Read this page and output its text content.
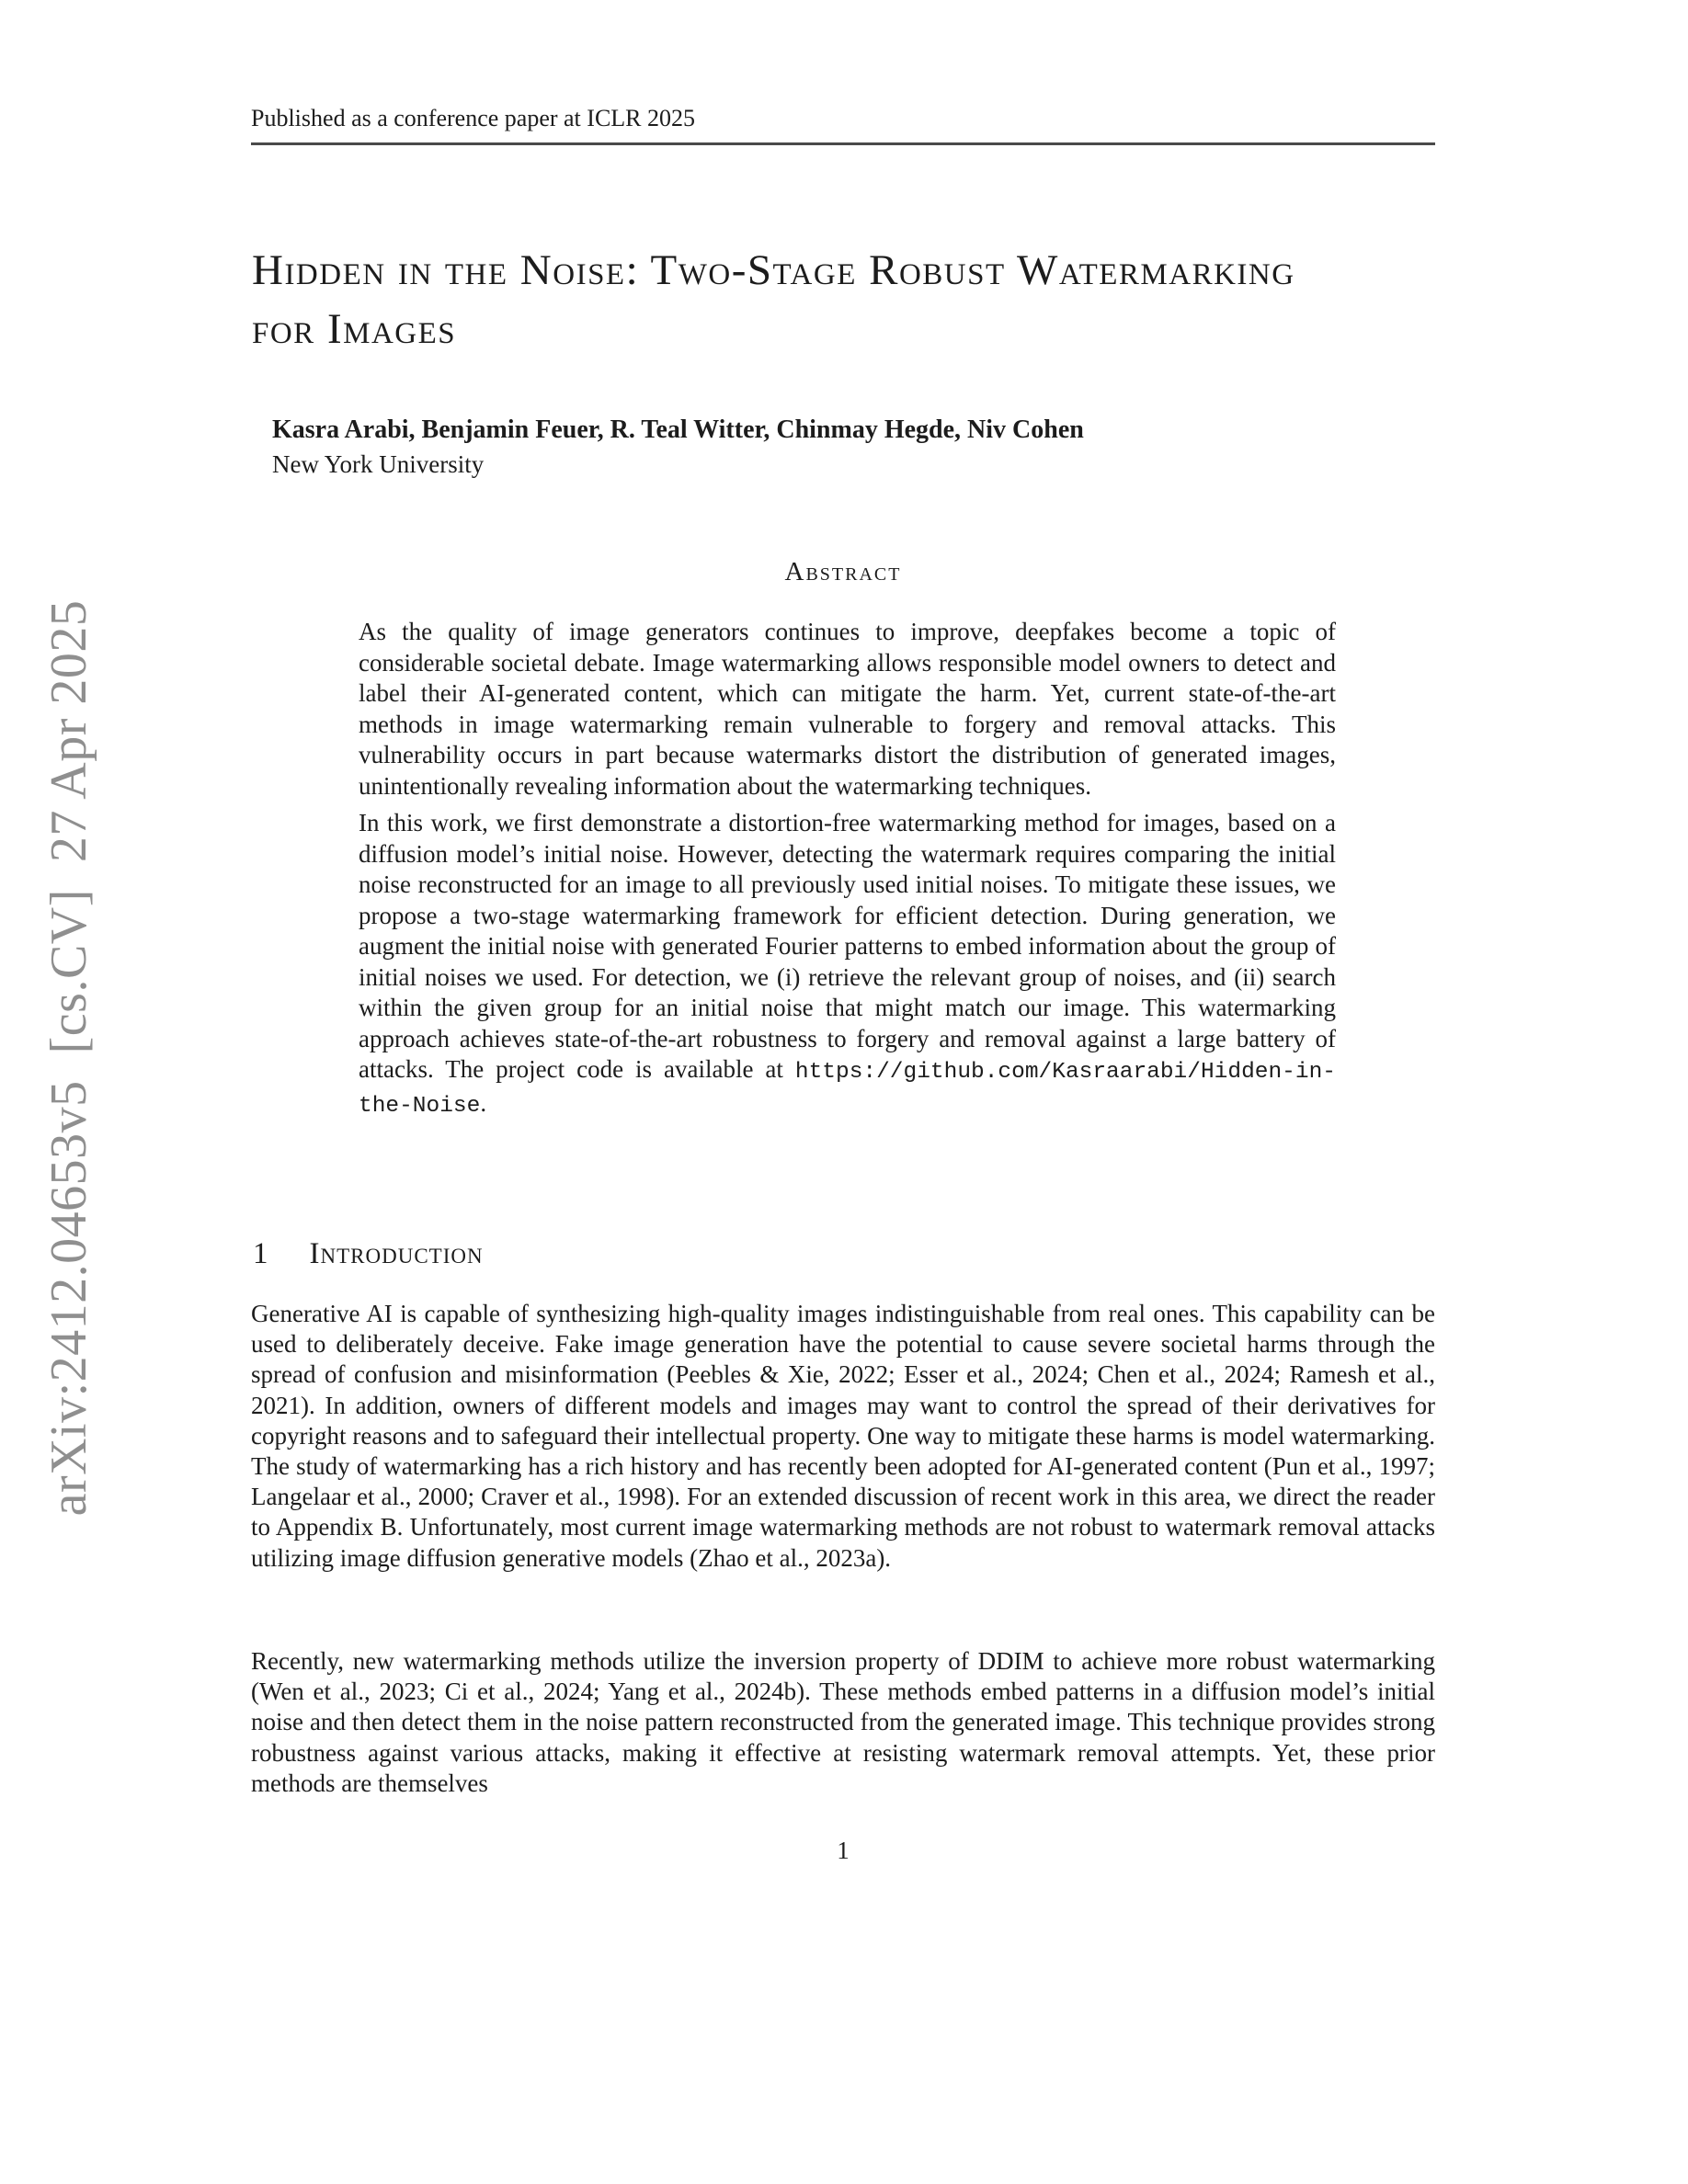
arXiv:2412.04653v5  [cs.CV]  27 Apr 2025
Published as a conference paper at ICLR 2025
Hidden in the Noise: Two-Stage Robust Watermarking for Images
Kasra Arabi, Benjamin Feuer, R. Teal Witter, Chinmay Hegde, Niv Cohen
New York University
Abstract

As the quality of image generators continues to improve, deepfakes become a topic of considerable societal debate. Image watermarking allows responsible model owners to detect and label their AI-generated content, which can mitigate the harm. Yet, current state-of-the-art methods in image watermarking remain vulnerable to forgery and removal attacks. This vulnerability occurs in part because watermarks distort the distribution of generated images, unintentionally revealing information about the watermarking techniques.

In this work, we first demonstrate a distortion-free watermarking method for images, based on a diffusion model’s initial noise. However, detecting the watermark requires comparing the initial noise reconstructed for an image to all previously used initial noises. To mitigate these issues, we propose a two-stage watermarking framework for efficient detection. During generation, we augment the initial noise with generated Fourier patterns to embed information about the group of initial noises we used. For detection, we (i) retrieve the relevant group of noises, and (ii) search within the given group for an initial noise that might match our image. This watermarking approach achieves state-of-the-art robustness to forgery and removal against a large battery of attacks. The project code is available at https://github.com/Kasraarabi/Hidden-in-the-Noise.

1 Introduction

Generative AI is capable of synthesizing high-quality images indistinguishable from real ones. This capability can be used to deliberately deceive. Fake image generation have the potential to cause severe societal harms through the spread of confusion and misinformation (Peebles & Xie, 2022; Esser et al., 2024; Chen et al., 2024; Ramesh et al., 2021). In addition, owners of different models and images may want to control the spread of their derivatives for copyright reasons and to safeguard their intellectual property. One way to mitigate these harms is model watermarking. The study of watermarking has a rich history and has recently been adopted for AI-generated content (Pun et al., 1997; Langelaar et al., 2000; Craver et al., 1998). For an extended discussion of recent work in this area, we direct the reader to Appendix B. Unfortunately, most current image watermarking methods are not robust to watermark removal attacks utilizing image diffusion generative models (Zhao et al., 2023a).

Recently, new watermarking methods utilize the inversion property of DDIM to achieve more robust watermarking (Wen et al., 2023; Ci et al., 2024; Yang et al., 2024b). These methods embed patterns in a diffusion model’s initial noise and then detect them in the noise pattern reconstructed from the generated image. This technique provides strong robustness against various attacks, making it effective at resisting watermark removal attempts. Yet, these prior methods are themselves

1
